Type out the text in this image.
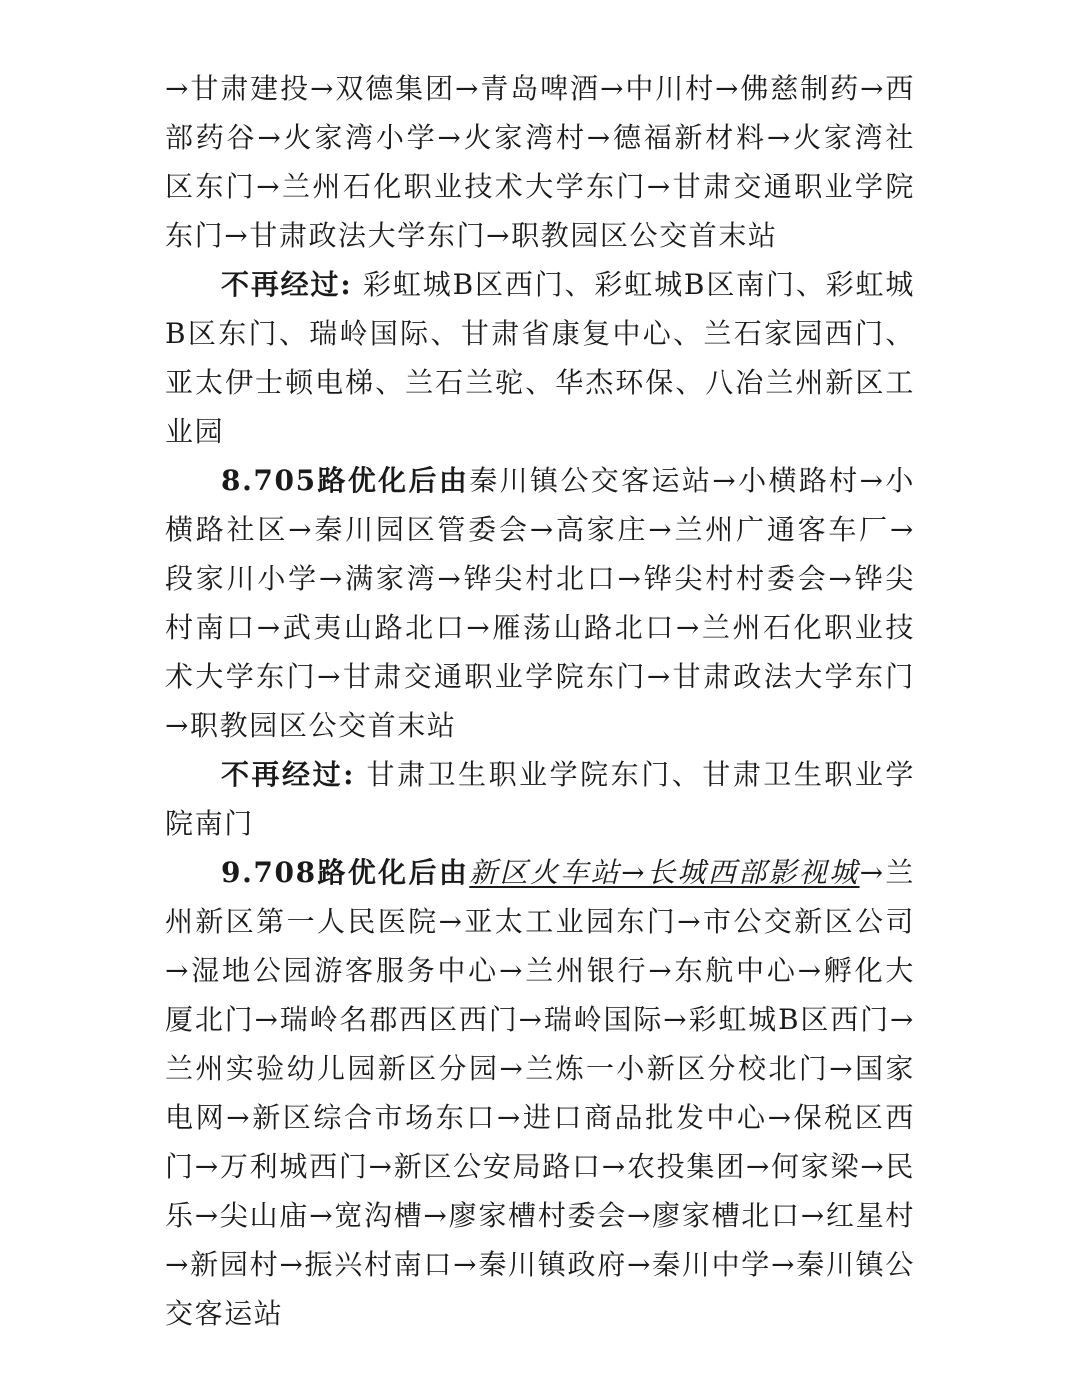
→甘肃建投→双德集团→青岛啤酒→中川村→佛慈制药→西部药谷→火家湾小学→火家湾村→德福新材料→火家湾社区东门→兰州石化职业技术大学东门→甘肃交通职业学院东门→甘肃政法大学东门→职教园区公交首末站

不再经过: 彩虹城B区西门、彩虹城B区南门、彩虹城B区东门、瑞岭国际、甘肃省康复中心、兰石家园西门、亚太伊士顿电梯、兰石兰驼、华杰环保、八冶兰州新区工业园

8.705路优化后由秦川镇公交客运站→小横路村→小横路社区→秦川园区管委会→高家庄→兰州广通客车厂→段家川小学→满家湾→铧尖村北口→铧尖村村委会→铧尖村南口→武夷山路北口→雁荡山路北口→兰州石化职业技术大学东门→甘肃交通职业学院东门→甘肃政法大学东门→职教园区公交首末站

不再经过: 甘肃卫生职业学院东门、甘肃卫生职业学院南门

9.708路优化后由新区火车站→长城西部影视城→兰州新区第一人民医院→亚太工业园东门→市公交新区公司→湿地公园游客服务中心→兰州银行→东航中心→孵化大厦北门→瑞岭名郡西区西门→瑞岭国际→彩虹城B区西门→兰州实验幼儿园新区分园→兰炼一小新区分校北门→国家电网→新区综合市场东口→进口商品批发中心→保税区西门→万利城西门→新区公安局路口→农投集团→何家梁→民乐→尖山庙→宽沟槽→廖家槽村委会→廖家槽北口→红星村→新园村→振兴村南口→秦川镇政府→秦川中学→秦川镇公交客运站
